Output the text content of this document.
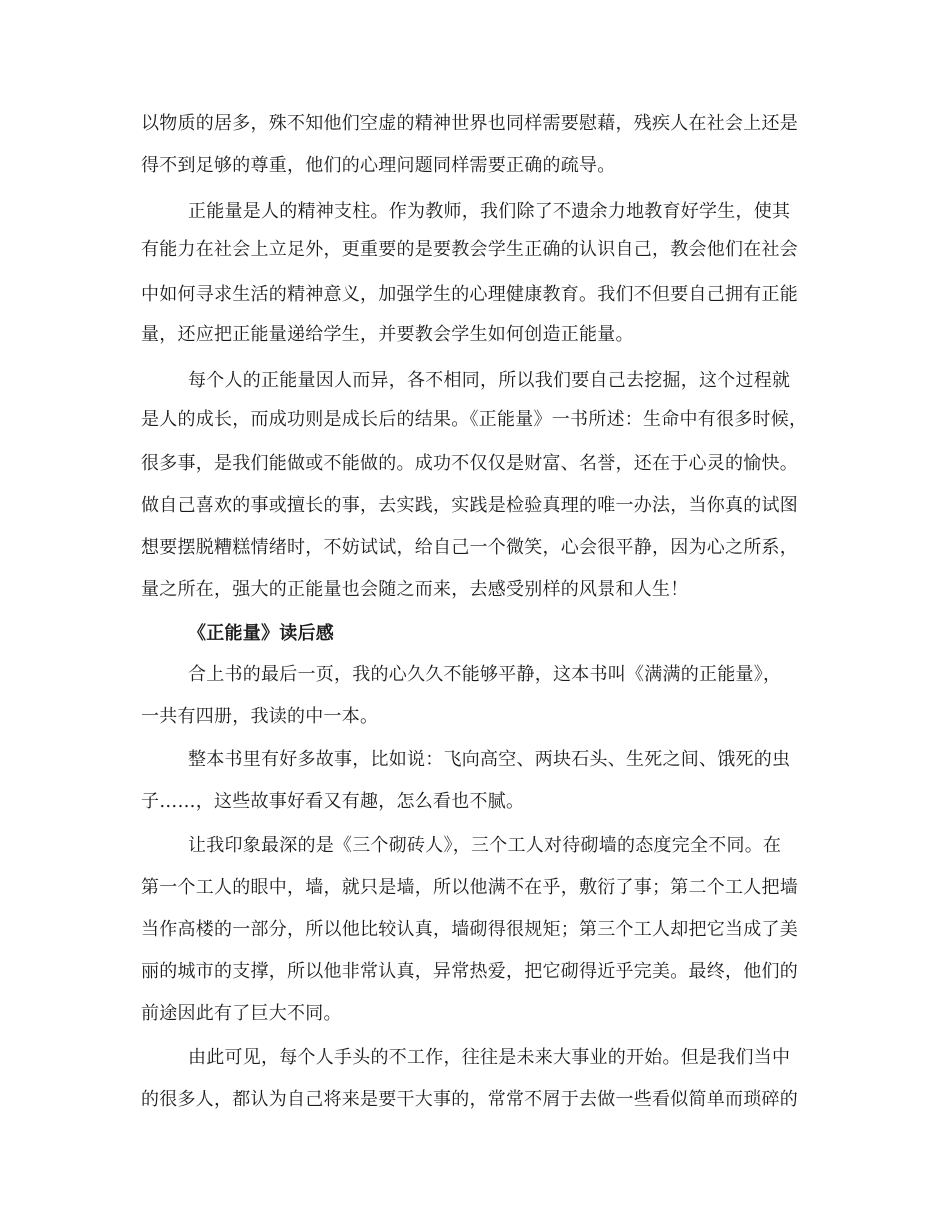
以物质的居多，殊不知他们空虚的精神世界也同样需要慰藉，残疾人在社会上还是
得不到足够的尊重，他们的心理问题同样需要正确的疏导。
正能量是人的精神支柱。作为教师，我们除了不遗余力地教育好学生，使其
有能力在社会上立足外，更重要的是要教会学生正确的认识自己，教会他们在社会
中如何寻求生活的精神意义，加强学生的心理健康教育。我们不但要自己拥有正能
量，还应把正能量递给学生，并要教会学生如何创造正能量。
每个人的正能量因人而异，各不相同，所以我们要自己去挖掘，这个过程就
是人的成长，而成功则是成长后的结果。《正能量》一书所述：生命中有很多时候，
很多事，是我们能做或不能做的。成功不仅仅是财富、名誉，还在于心灵的愉快。
做自己喜欢的事或擅长的事，去实践，实践是检验真理的唯一办法，当你真的试图
想要摆脱糟糕情绪时，不妨试试，给自己一个微笑，心会很平静，因为心之所系，
量之所在，强大的正能量也会随之而来，去感受别样的风景和人生！
《正能量》读后感
合上书的最后一页，我的心久久不能够平静，这本书叫《满满的正能量》，
一共有四册，我读的中一本。
整本书里有好多故事，比如说：飞向高空、两块石头、生死之间、饿死的虫
子……，这些故事好看又有趣，怎么看也不腻。
让我印象最深的是《三个砌砖人》，三个工人对待砌墙的态度完全不同。在
第一个工人的眼中，墙，就只是墙，所以他满不在乎，敷衍了事；第二个工人把墙
当作高楼的一部分，所以他比较认真，墙砌得很规矩；第三个工人却把它当成了美
丽的城市的支撑，所以他非常认真，异常热爱，把它砌得近乎完美。最终，他们的
前途因此有了巨大不同。
由此可见，每个人手头的不工作，往往是未来大事业的开始。但是我们当中
的很多人，都认为自己将来是要干大事的，常常不屑于去做一些看似简单而琐碎的
